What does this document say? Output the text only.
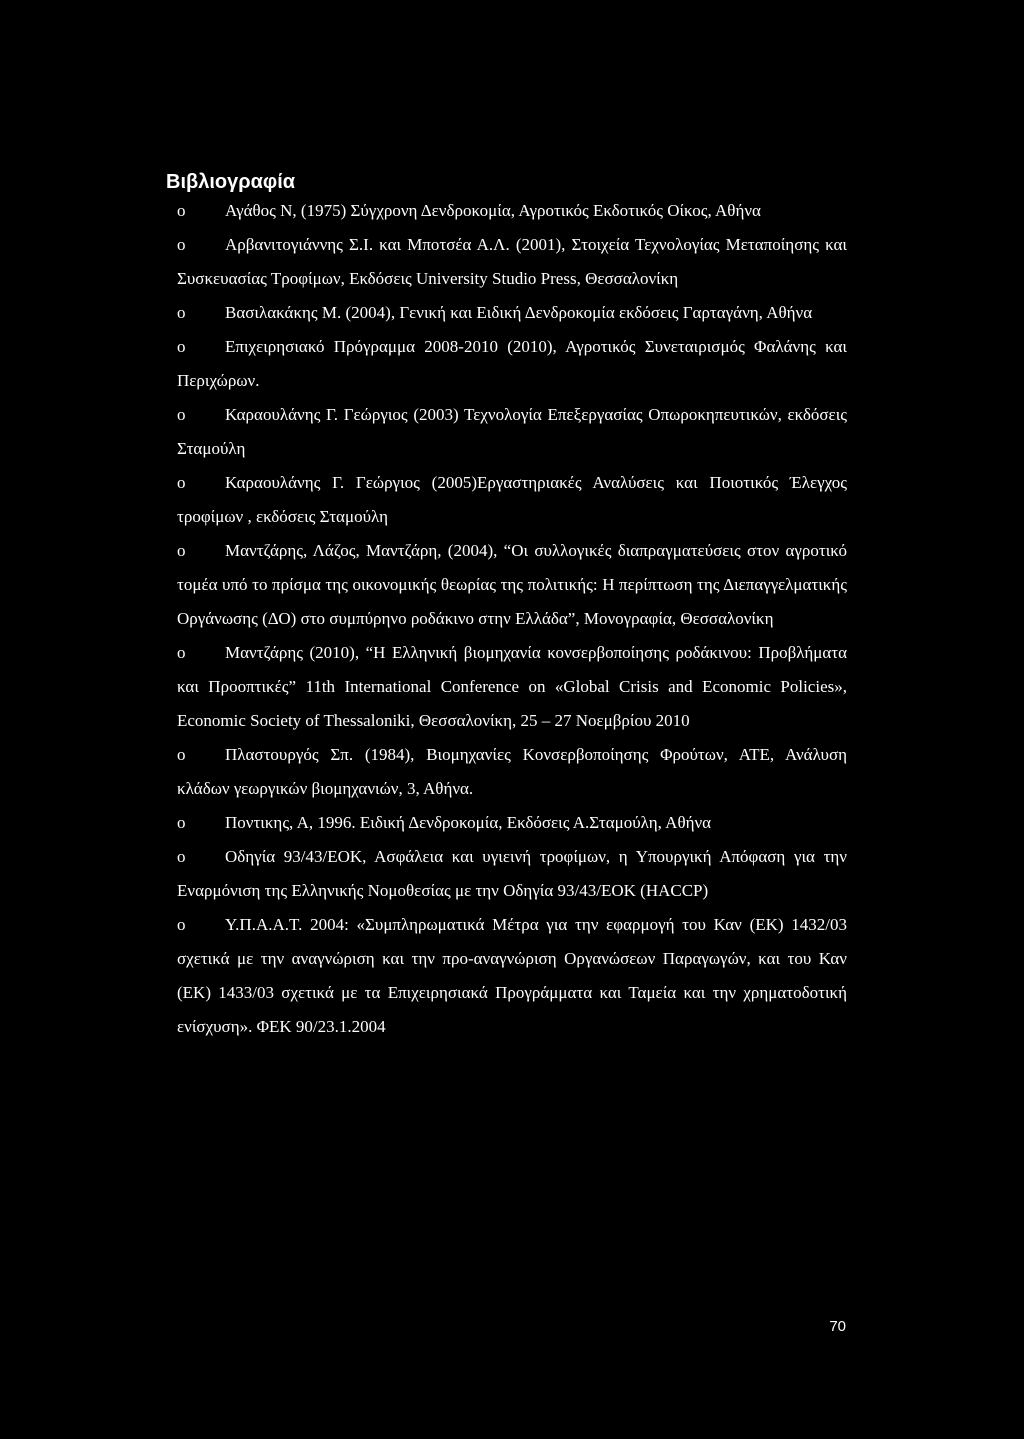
Βιβλιογραφία
o Αγάθος Ν, (1975) Σύγχρονη Δενδροκομία, Αγροτικός Εκδοτικός Οίκος, Αθήνα
o Αρβανιτογιάννης Σ.Ι. και Μποτσέα Α.Λ. (2001), Στοιχεία Τεχνολογίας Μεταποίησης και Συσκευασίας Τροφίμων, Εκδόσεις University Studio Press, Θεσσαλονίκη
o Βασιλακάκης Μ. (2004), Γενική και Ειδική Δενδροκομία εκδόσεις Γαρταγάνη, Αθήνα
o Επιχειρησιακό Πρόγραμμα 2008-2010 (2010), Αγροτικός Συνεταιρισμός Φαλάνης και Περιχώρων.
o Καραουλάνης Γ. Γεώργιος (2003) Τεχνολογία Επεξεργασίας Οπωροκηπευτικών, εκδόσεις Σταμούλη
o Καραουλάνης Γ. Γεώργιος (2005)Εργαστηριακές Αναλύσεις και Ποιοτικός Έλεγχος τροφίμων , εκδόσεις Σταμούλη
o Μαντζάρης, Λάζος, Μαντζάρη, (2004), “Οι συλλογικές διαπραγματεύσεις στον αγροτικό τομέα υπό το πρίσμα της οικονομικής θεωρίας της πολιτικής: Η περίπτωση της Διεπαγγελματικής Οργάνωσης (ΔΟ) στο συμπύρηνο ροδάκινο στην Ελλάδα”, Μονογραφία, Θεσσαλονίκη
o Μαντζάρης (2010), “Η Ελληνική βιομηχανία κονσερβοποίησης ροδάκινου: Προβλήματα και Προοπτικές” 11th International Conference on «Global Crisis and Economic Policies», Economic Society of Thessaloniki, Θεσσαλονίκη, 25 – 27 Νοεμβρίου 2010
o Πλαστουργός Σπ. (1984), Βιομηχανίες Κονσερβοποίησης Φρούτων, ΑΤΕ, Ανάλυση κλάδων γεωργικών βιομηχανιών, 3, Αθήνα.
o Ποντικης, Α, 1996. Ειδική Δενδροκομία, Εκδόσεις Α.Σταμούλη, Αθήνα
o Οδηγία 93/43/ΕΟΚ, Ασφάλεια και υγιεινή τροφίμων, η Υπουργική Απόφαση για την Εναρμόνιση της Ελληνικής Νομοθεσίας με την Οδηγία 93/43/ΕΟΚ (HACCP)
o Υ.Π.Α.Α.Τ. 2004: «Συμπληρωματικά Μέτρα για την εφαρμογή του Καν (ΕΚ) 1432/03 σχετικά με την αναγνώριση και την προ-αναγνώριση Οργανώσεων Παραγωγών, και του Καν (ΕΚ) 1433/03 σχετικά με τα Επιχειρησιακά Προγράμματα και Ταμεία και την χρηματοδοτική ενίσχυση». ΦΕΚ 90/23.1.2004
70
